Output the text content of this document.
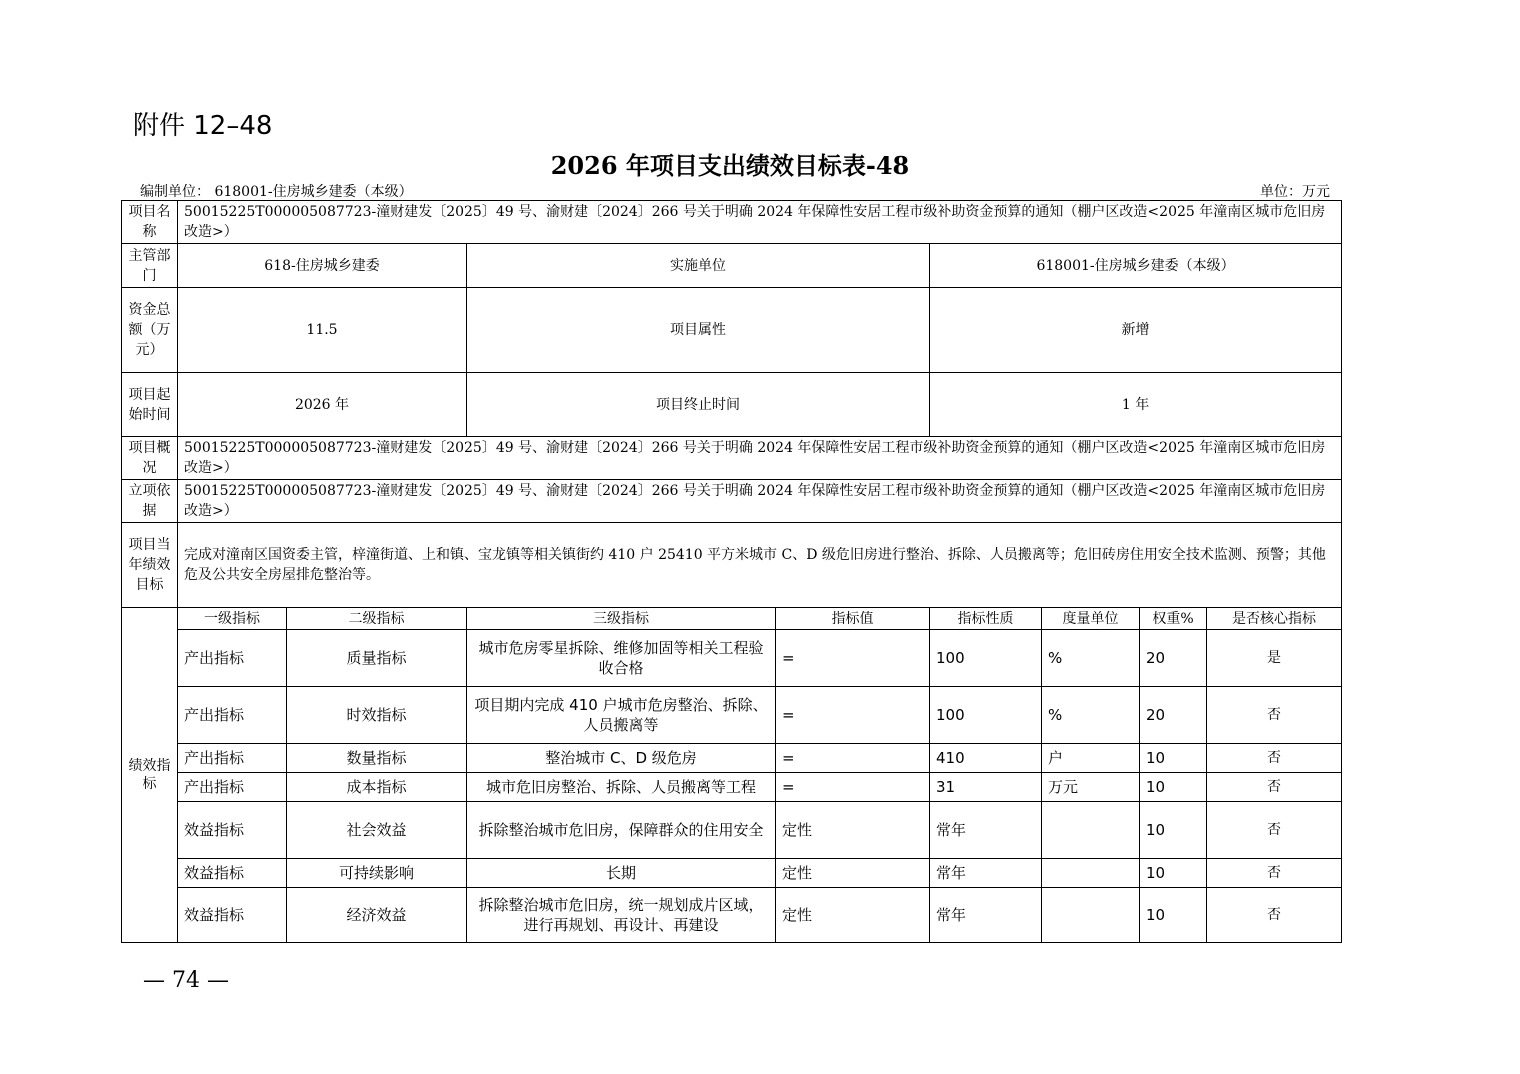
附件 12–48
2026 年项目支出绩效目标表-48
编制单位： 618001-住房城乡建委（本级）	单位：万元
项目名称	50015225T000005087723-潼财建发〔2025〕49 号、渝财建〔2024〕266 号关于明确 2024 年保障性安居工程市级补助资金预算的通知（棚户区改造<2025 年潼南区城市危旧房改造>）							
主管部门	618-住房城乡建委		实施单位		618001-住房城乡建委（本级）			
资金总额（万元）	11.5		项目属性		新增			
项目起始时间	2026 年		项目终止时间		1 年			
项目概况	50015225T000005087723-潼财建发〔2025〕49 号、渝财建〔2024〕266 号关于明确 2024 年保障性安居工程市级补助资金预算的通知（棚户区改造<2025 年潼南区城市危旧房改造>）							
立项依据	50015225T000005087723-潼财建发〔2025〕49 号、渝财建〔2024〕266 号关于明确 2024 年保障性安居工程市级补助资金预算的通知（棚户区改造<2025 年潼南区城市危旧房改造>）							
项目当年绩效目标	完成对潼南区国资委主管，梓潼街道、上和镇、宝龙镇等相关镇街约 410 户 25410 平方米城市 C、D 级危旧房进行整治、拆除、人员搬离等；危旧砖房住用安全技术监测、预警；其他危及公共安全房屋排危整治等。							
绩效指标	一级指标	二级指标	三级指标	指标值	指标性质	度量单位	权重%	是否核心指标
	产出指标	质量指标	城市危房零星拆除、维修加固等相关工程验收合格	=	100	%	20	是
	产出指标	时效指标	项目期内完成 410 户城市危房整治、拆除、人员搬离等	=	100	%	20	否
	产出指标	数量指标	整治城市 C、D 级危房	=	410	户	10	否
	产出指标	成本指标	城市危旧房整治、拆除、人员搬离等工程	=	31	万元	10	否
	效益指标	社会效益	拆除整治城市危旧房，保障群众的住用安全	定性	常年		10	否
	效益指标	可持续影响	长期	定性	常年		10	否
	效益指标	经济效益	拆除整治城市危旧房，统一规划成片区域，进行再规划、再设计、再建设	定性	常年		10	否
— 74 —
